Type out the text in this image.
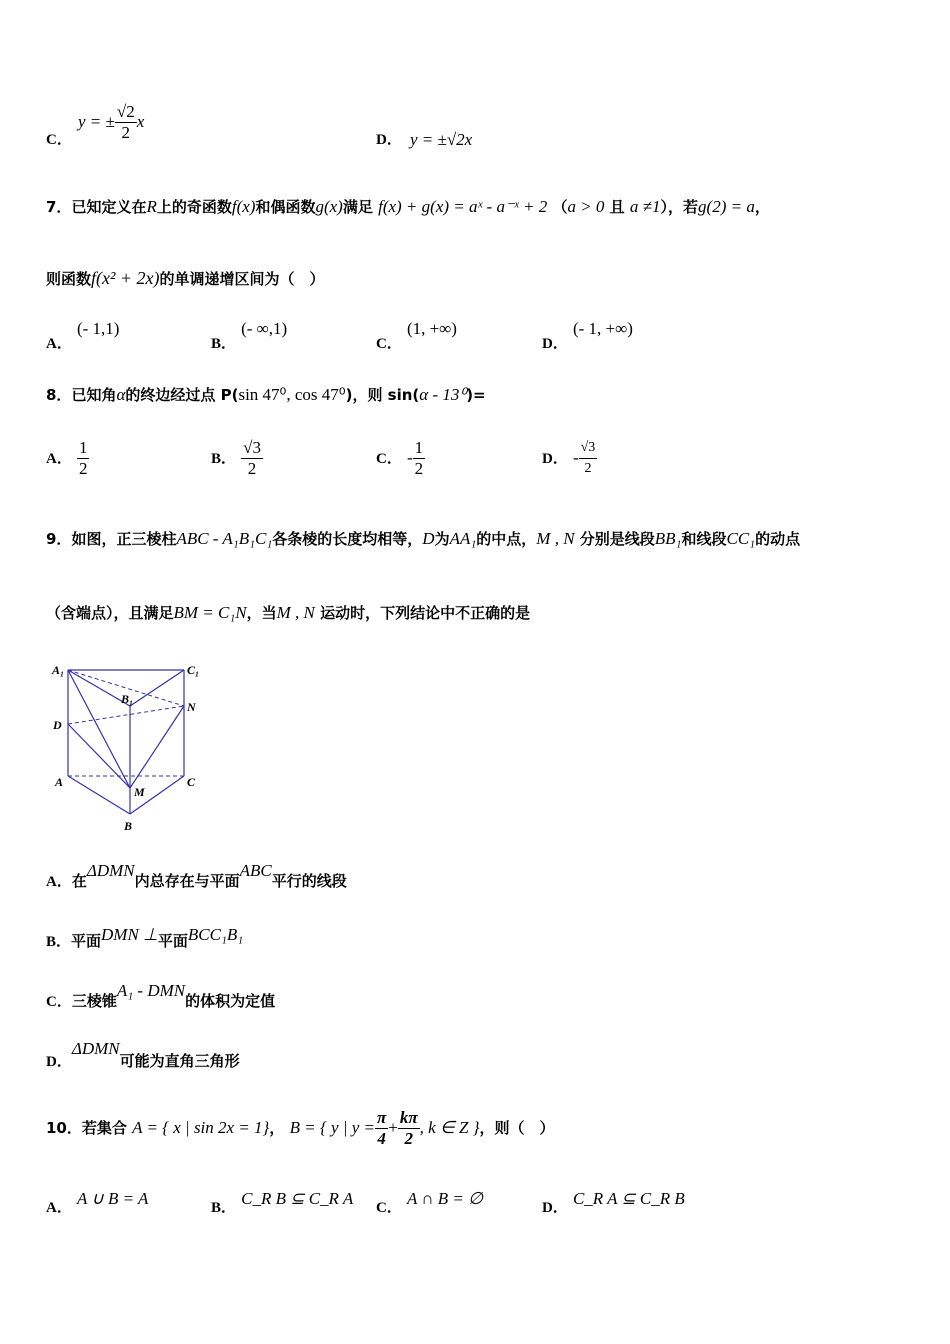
C．
y = ± $\frac{√2}{2}$ x
D． y = ±√2x
7．已知定义在R上的奇函数f(x)和偶函数g(x)满足 f(x) + g(x) = aˣ - a⁻ˣ + 2 （a > 0 且 a ≠1），若g(2) = a，
则函数f(x² + 2x)的单调递增区间为（　）
A． (- 1,1)
B． (- ∞,1)
C． (1, +∞)
D． (- 1, +∞)
8．已知角α的终边经过点 P(sin 47⁰, cos 47⁰)，则 sin(α - 13⁰)=
A． $\frac{1}{2}$	B． $\frac{√3}{2}$	C． - $\frac{1}{2}$	D． - $\frac{√3}{2}$
9．如图，正三棱柱ABC - A₁B₁C₁各条棱的长度均相等，D为AA₁的中点，M , N 分别是线段BB₁和线段CC₁的动点
（含端点），且满足BM = C₁N，当M , N 运动时，下列结论中不正确的是
A₁	C₁
B₁
D
N
A	C
M
B
A．在ΔDMN内总存在与平面ABC平行的线段
B．平面DMN ⊥平面BCC₁B₁
C．三棱锥A₁ - DMN的体积为定值
D．ΔDMN可能为直角三角形
10．若集合 A = { x | sin 2x = 1}， B = { y | $y = \frac{\pi}{4} + \frac{k\pi}{2}$ , k ∈ Z }，则（　）
A． A ∪ B = A	B． C_R B ⊆ C_R A C． A ∩ B = ∅	D． C_R A ⊆ C_R B
